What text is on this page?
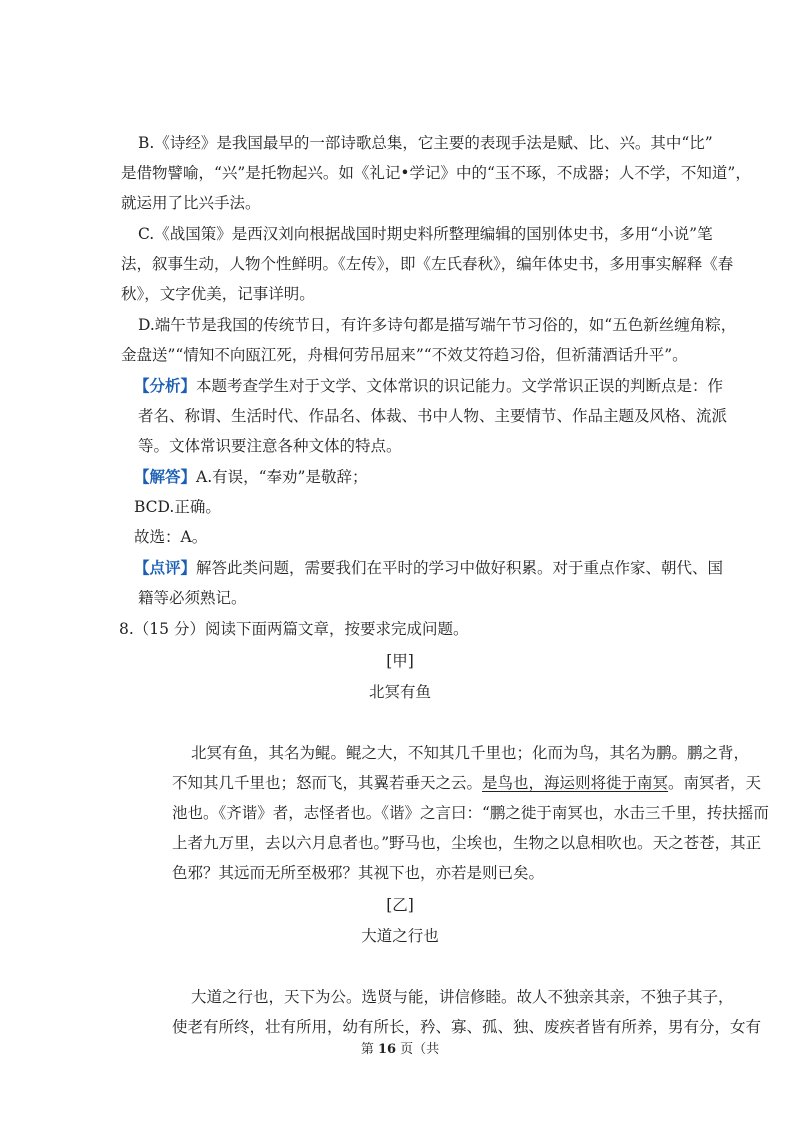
B.《诗经》是我国最早的一部诗歌总集，它主要的表现手法是赋、比、兴。其中“比”
是借物譬喻，“兴”是托物起兴。如《礼记•学记》中的“玉不琢，不成器；人不学，不知道”，
就运用了比兴手法。
C.《战国策》是西汉刘向根据战国时期史料所整理编辑的国别体史书，多用“小说”笔
法，叙事生动，人物个性鲜明。《左传》，即《左氏春秋》，编年体史书，多用事实解释《春
秋》，文字优美，记事详明。
D.端午节是我国的传统节日，有许多诗句都是描写端午节习俗的，如“五色新丝缠角粽，
金盘送”“情知不向瓯江死，舟楫何劳吊屈来”“不效艾符趋习俗，但祈蒲酒话升平”。
【分析】本题考查学生对于文学、文体常识的识记能力。文学常识正误的判断点是：作
者名、称谓、生活时代、作品名、体裁、书中人物、主要情节、作品主题及风格、流派
等。文体常识要注意各种文体的特点。
【解答】A.有误，“奉劝”是敬辞；
BCD.正确。
故选：A。
【点评】解答此类问题，需要我们在平时的学习中做好积累。对于重点作家、朝代、国
籍等必须熟记。
8.（15 分）阅读下面两篇文章，按要求完成问题。
[甲]
北冥有鱼
北冥有鱼，其名为鲲。鲲之大，不知其几千里也；化而为鸟，其名为鹏。鹏之背，
不知其几千里也；怒而飞，其翼若垂天之云。是鸟也，海运则将徙于南冥。南冥者，天
池也。《齐谐》者，志怪者也。《谐》之言曰：“鹏之徙于南冥也，水击三千里，抟扶摇而
上者九万里，去以六月息者也。”野马也，尘埃也，生物之以息相吹也。天之苍苍，其正
色邪？其远而无所至极邪？其视下也，亦若是则已矣。
[乙]
大道之行也
大道之行也，天下为公。选贤与能，讲信修睦。故人不独亲其亲，不独子其子，
使老有所终，壮有所用，幼有所长，矜、寡、孤、独、废疾者皆有所养，男有分，女有
第 16 页（共
